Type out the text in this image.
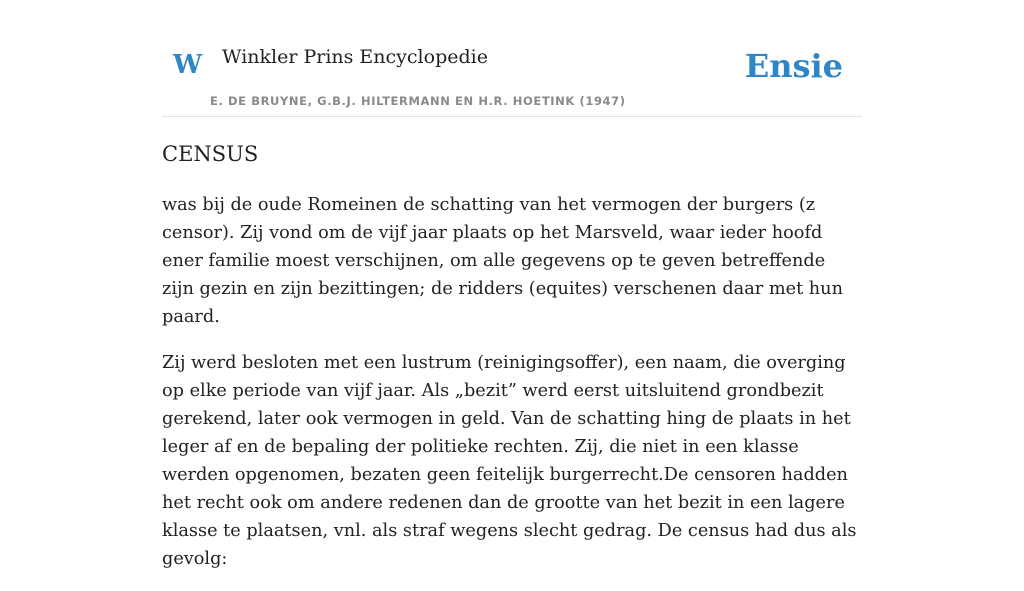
W Winkler Prins Encyclopedie
E. DE BRUYNE, G.B.J. HILTERMANN EN H.R. HOETINK (1947)
Ensie
CENSUS

was bij de oude Romeinen de schatting van het vermogen der burgers (z censor). Zij vond om de vijf jaar plaats op het Marsveld, waar ieder hoofd ener familie moest verschijnen, om alle gegevens op te geven betreffende zijn gezin en zijn bezittingen; de ridders (equites) verschenen daar met hun paard.

Zij werd besloten met een lustrum (reinigingsoffer), een naam, die overging op elke periode van vijf jaar. Als „bezit” werd eerst uitsluitend grondbezit gerekend, later ook vermogen in geld. Van de schatting hing de plaats in het leger af en de bepaling der politieke rechten. Zij, die niet in een klasse werden opgenomen, bezaten geen feitelijk burgerrecht.De censoren hadden het recht ook om andere redenen dan de grootte van het bezit in een lagere klasse te plaatsen, vnl. als straf wegens slecht gedrag. De census had dus als gevolg:
